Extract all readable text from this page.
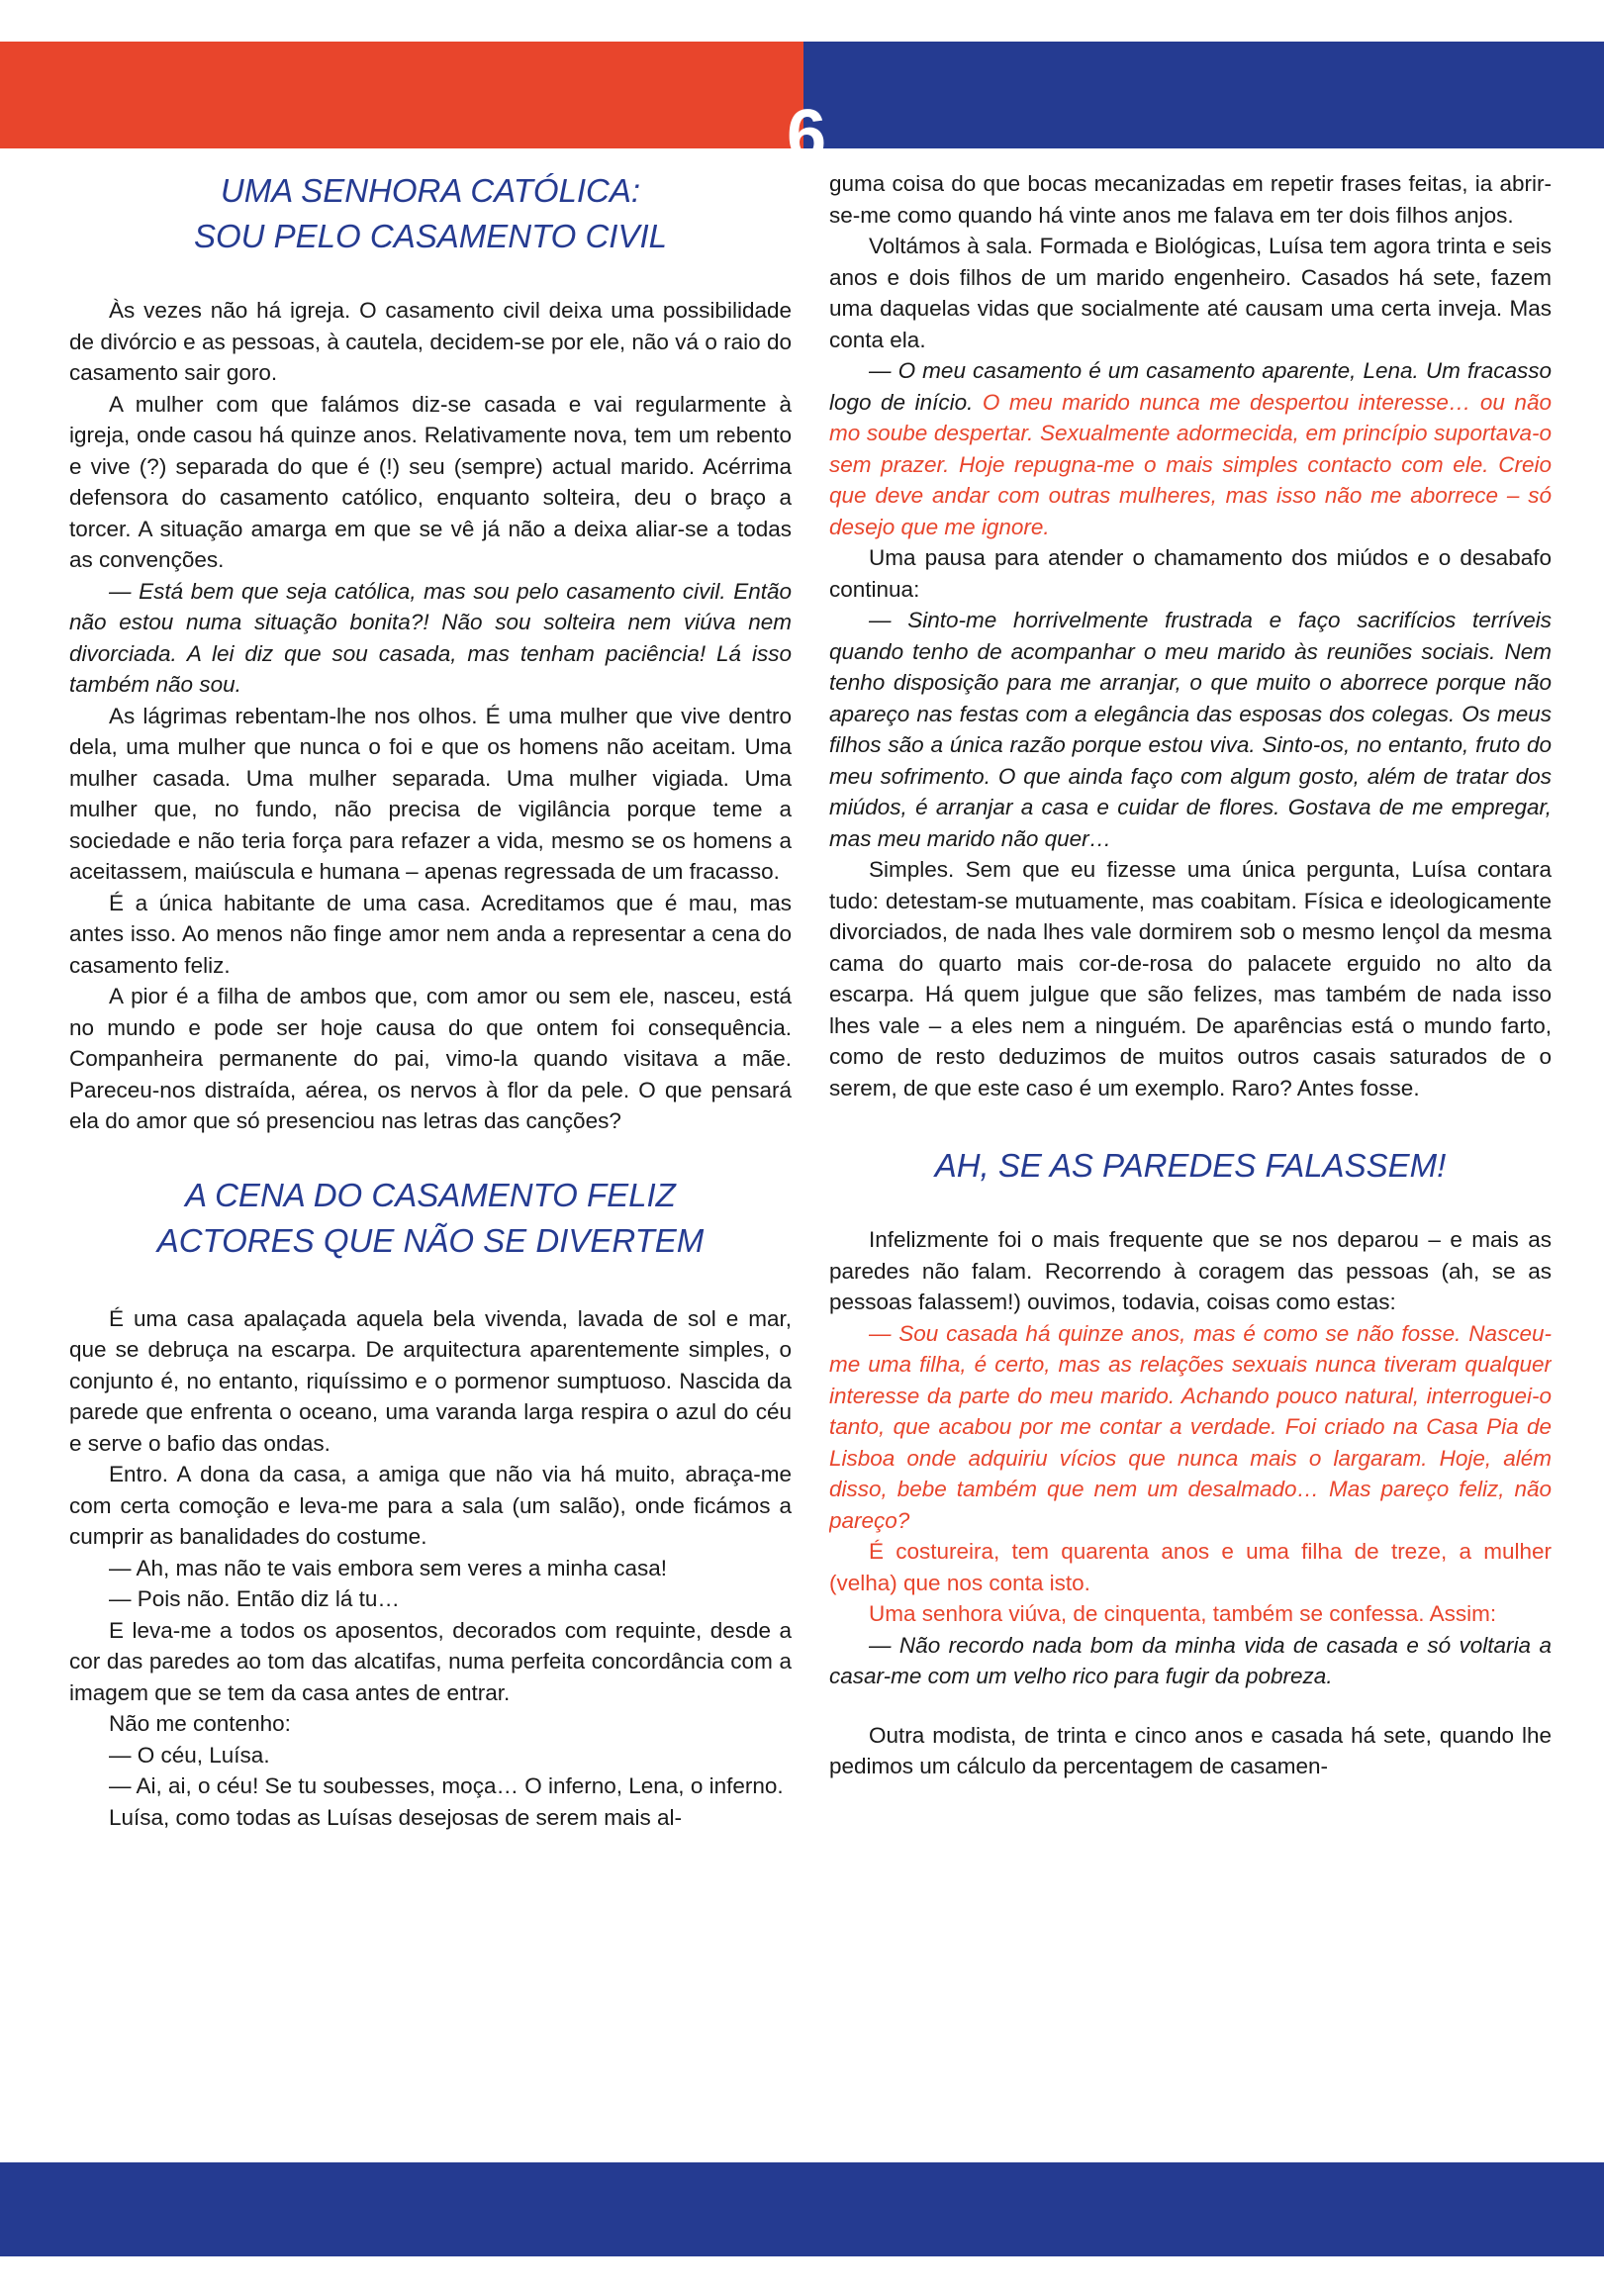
6
UMA SENHORA CATÓLICA:
SOU PELO CASAMENTO CIVIL

Às vezes não há igreja. O casamento civil deixa uma possibilidade de divórcio e as pessoas, à cautela, decidem-se por ele, não vá o raio do casamento sair goro.

A mulher com que falámos diz-se casada e vai regularmente à igreja, onde casou há quinze anos. Relativamente nova, tem um rebento e vive (?) separada do que é (!) seu (sempre) actual marido. Acérrima defensora do casamento católico, enquanto solteira, deu o braço a torcer. A situação amarga em que se vê já não a deixa aliar-se a todas as convenções.

— Está bem que seja católica, mas sou pelo casamento civil. Então não estou numa situação bonita?! Não sou solteira nem viúva nem divorciada. A lei diz que sou casada, mas tenham paciência! Lá isso também não sou.

As lágrimas rebentam-lhe nos olhos. É uma mulher que vive dentro dela, uma mulher que nunca o foi e que os homens não aceitam. Uma mulher casada. Uma mulher separada. Uma mulher vigiada. Uma mulher que, no fundo, não precisa de vigilância porque teme a sociedade e não teria força para refazer a vida, mesmo se os homens a aceitassem, maiúscula e humana – apenas regressada de um fracasso.

É a única habitante de uma casa. Acreditamos que é mau, mas antes isso. Ao menos não finge amor nem anda a representar a cena do casamento feliz.

A pior é a filha de ambos que, com amor ou sem ele, nasceu, está no mundo e pode ser hoje causa do que ontem foi consequência. Companheira permanente do pai, vimo-la quando visitava a mãe. Pareceu-nos distraída, aérea, os nervos à flor da pele. O que pensará ela do amor que só presenciou nas letras das canções?

A CENA DO CASAMENTO FELIZ
ACTORES QUE NÃO SE DIVERTEM

É uma casa apalaçada aquela bela vivenda, lavada de sol e mar, que se debruça na escarpa. De arquitectura aparentemente simples, o conjunto é, no entanto, riquíssimo e o pormenor sumptuoso. Nascida da parede que enfrenta o oceano, uma varanda larga respira o azul do céu e serve o bafio das ondas.

Entro. A dona da casa, a amiga que não via há muito, abraça-me com certa comoção e leva-me para a sala (um salão), onde ficámos a cumprir as banalidades do costume.

— Ah, mas não te vais embora sem veres a minha casa!

— Pois não. Então diz lá tu…

E leva-me a todos os aposentos, decorados com requinte, desde a cor das paredes ao tom das alcatifas, numa perfeita concordância com a imagem que se tem da casa antes de entrar.

Não me contenho:

— O céu, Luísa.

— Ai, ai, o céu! Se tu soubesses, moça… O inferno, Lena, o inferno.

Luísa, como todas as Luísas desejosas de serem mais al-

guma coisa do que bocas mecanizadas em repetir frases feitas, ia abrir-se-me como quando há vinte anos me falava em ter dois filhos anjos.

Voltámos à sala. Formada e Biológicas, Luísa tem agora trinta e seis anos e dois filhos de um marido engenheiro. Casados há sete, fazem uma daquelas vidas que socialmente até causam uma certa inveja. Mas conta ela.

— O meu casamento é um casamento aparente, Lena. Um fracasso logo de início. O meu marido nunca me despertou interesse… ou não mo soube despertar. Sexualmente adormecida, em princípio suportava-o sem prazer. Hoje repugna-me o mais simples contacto com ele. Creio que deve andar com outras mulheres, mas isso não me aborrece – só desejo que me ignore.

Uma pausa para atender o chamamento dos miúdos e o desabafo continua:

— Sinto-me horrivelmente frustrada e faço sacrifícios terríveis quando tenho de acompanhar o meu marido às reuniões sociais. Nem tenho disposição para me arranjar, o que muito o aborrece porque não apareço nas festas com a elegância das esposas dos colegas. Os meus filhos são a única razão porque estou viva. Sinto-os, no entanto, fruto do meu sofrimento. O que ainda faço com algum gosto, além de tratar dos miúdos, é arranjar a casa e cuidar de flores. Gostava de me empregar, mas meu marido não quer…

Simples. Sem que eu fizesse uma única pergunta, Luísa contara tudo: detestam-se mutuamente, mas coabitam. Física e ideologicamente divorciados, de nada lhes vale dormirem sob o mesmo lençol da mesma cama do quarto mais cor-de-rosa do palacete erguido no alto da escarpa. Há quem julgue que são felizes, mas também de nada isso lhes vale – a eles nem a ninguém. De aparências está o mundo farto, como de resto deduzimos de muitos outros casais saturados de o serem, de que este caso é um exemplo. Raro? Antes fosse.

AH, SE AS PAREDES FALASSEM!

Infelizmente foi o mais frequente que se nos deparou – e mais as paredes não falam. Recorrendo à coragem das pessoas (ah, se as pessoas falassem!) ouvimos, todavia, coisas como estas:

— Sou casada há quinze anos, mas é como se não fosse. Nasceu-me uma filha, é certo, mas as relações sexuais nunca tiveram qualquer interesse da parte do meu marido. Achando pouco natural, interroguei-o tanto, que acabou por me contar a verdade. Foi criado na Casa Pia de Lisboa onde adquiriu vícios que nunca mais o largaram. Hoje, além disso, bebe também que nem um desalmado… Mas pareço feliz, não pareço?

É costureira, tem quarenta anos e uma filha de treze, a mulher (velha) que nos conta isto.

Uma senhora viúva, de cinquenta, também se confessa. Assim:

— Não recordo nada bom da minha vida de casada e só voltaria a casar-me com um velho rico para fugir da pobreza.

Outra modista, de trinta e cinco anos e casada há sete, quando lhe pedimos um cálculo da percentagem de casamen-
